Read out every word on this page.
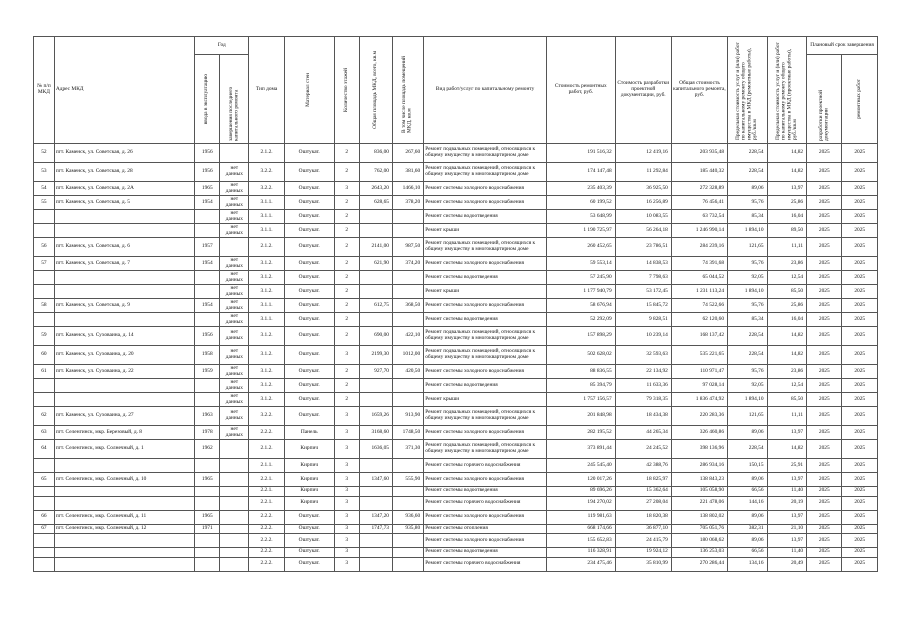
№ п/п МКД	Адрес МКД	Год		Тип дома	Материал стен	Количество этажей	Общая площадь МКД, всего, кв.м	В том числе площадь помещений МКД, кв.м	Вид работ/услуг по капитальному ремонту	Стоимость ремонтных работ, руб.	Стоимость разработки проектной документации, руб.	Общая стоимость капитального ремонта, руб.	Предельная стоимость услуг и (или) работ по капитальному ремонту общего имущества в МКД (ремонтные работы), руб./кв.м	Предельная стоимость услуг и (или) работ по капитальному ремонту общего имущества в МКД (проектные работы), руб./кв.м	Плановый срок завершения	

		ввода в эксплуатацию	завершения последнего капитального ремонта												разработки проектной документации	ремонтных работ

52	пгт. Каменск, ул. Советская, д. 26	1956		2.1.2.	Оштукат.	2	836,00	267,60	Ремонт подвальных помещений, относящихся к общему имуществу в многоквартирном доме	191 516,32	12 419,16	203 935,48	228,54	14,82	2025	2025
53	пгт. Каменск, ул. Советская, д. 28	1956	нет данных	3.2.2.	Оштукат.	2	762,00	381,60	Ремонт подвальных помещений, относящихся к общему имуществу в многоквартирном доме	174 147,48	11 292,84	185 440,32	228,54	14,82	2025	2025
54	пгт. Каменск, ул. Советская, д. 2А	1965	нет данных	3.2.2.	Оштукат.	3	2643,20	1466,10	Ремонт системы холодного водоснабжения	235 403,39	36 925,50	272 328,89	89,06	13,97	2025	2025
55	пгт. Каменск, ул. Советская, д. 5	1954	нет данных	3.1.1.	Оштукат.	2	628,65	378,20	Ремонт системы холодного водоснабжения	60 199,52	16 256,89	76 456,41	95,76	25,86	2025	2025
			нет данных	3.1.1.	Оштукат.	2			Ремонт системы водоотведения	53 648,99	10 083,55	63 732,54	85,34	16,04	2025	2025
			нет данных	3.1.1.	Оштукат.	2			Ремонт крыши	1 190 725,97	56 264,18	1 246 990,14	1 894,10	89,50	2025	2025
56	пгт. Каменск, ул. Советская, д. 6	1957		2.1.2.	Оштукат.	2	2141,00	987,50	Ремонт подвальных помещений, относящихся к общему имуществу в многоквартирном доме	260 452,65	23 786,51	284 239,16	121,65	11,11	2025	2025
57	пгт. Каменск, ул. Советская, д. 7	1954	нет данных	3.1.2.	Оштукат.	2	621,90	374,20	Ремонт системы холодного водоснабжения	59 553,14	14 838,53	74 391,68	95,76	23,86	2025	2025
			нет данных	3.1.2.	Оштукат.	2			Ремонт системы водоотведения	57 245,90	7 798,63	65 044,52	92,05	12,54	2025	2025
			нет данных	3.1.2.	Оштукат.	2			Ремонт крыши	1 177 940,79	53 172,45	1 231 113,24	1 894,10	85,50	2025	2025
58	пгт. Каменск, ул. Советская, д. 9	1954	нет данных	3.1.1.	Оштукат.	2	612,75	368,50	Ремонт системы холодного водоснабжения	58 676,94	15 845,72	74 522,66	95,76	25,86	2025	2025
			нет данных	3.1.1.	Оштукат.	2			Ремонт системы водоотведения	52 292,09	9 828,51	62 120,60	85,34	16,04	2025	2025
59	пгт. Каменск, ул. Суховаина, д. 14	1956	нет данных	3.1.2.	Оштукат.	2	690,00	422,10	Ремонт подвальных помещений, относящихся к общему имуществу в многоквартирном доме	157 898,29	10 239,14	168 137,42	228,54	14,82	2025	2025
60	пгт. Каменск, ул. Суховаина, д. 20	1958	нет данных	3.1.2.	Оштукат.	3	2199,30	1012,00	Ремонт подвальных помещений, относящихся к общему имуществу в многоквартирном доме	502 628,02	32 593,63	535 221,65	228,54	14,82	2025	2025
61	пгт. Каменск, ул. Суховаина, д. 22	1959	нет данных	3.1.2.	Оштукат.	2	927,70	420,50	Ремонт системы холодного водоснабжения	88 836,55	22 134,92	110 971,47	95,76	23,86	2025	2025
			нет данных	3.1.2.	Оштукат.	2			Ремонт системы водоотведения	85 394,79	11 633,36	97 028,14	92,05	12,54	2025	2025
			нет данных	3.1.2.	Оштукат.	2			Ремонт крыши	1 757 156,57	79 318,35	1 836 474,92	1 894,10	85,50	2025	2025
62	пгт. Каменск, ул. Суховаина, д. 27	1963	нет данных	3.2.2.	Оштукат.	3	1659,26	913,90	Ремонт подвальных помещений, относящихся к общему имуществу в многоквартирном доме	201 848,98	18 434,38	220 283,36	121,65	11,11	2025	2025
63	пгт. Селенгинск, мкр. Березовый, д. 8	1978	нет данных	2.2.2.	Панель	3	3168,60	1748,50	Ремонт системы холодного водоснабжения	282 195,52	44 265,34	326 460,86	89,06	13,97	2025	2025
64	пгт. Селенгинск, мкр. Солнечный, д. 1	1962		2.1.2.	Кирпич	3	1636,05	371,30	Ремонт подвальных помещений, относящихся к общему имуществу в многоквартирном доме	373 891,44	24 245,52	398 136,96	228,54	14,82	2025	2025
				2.1.1.	Кирпич	3			Ремонт системы горячего водоснабжения	245 545,40	42 388,76	286 934,16	150,15	25,91	2025	2025
65	пгт. Селенгинск, мкр. Солнечный, д. 10	1965		2.2.1.	Кирпич	3	1347,60	555,90	Ремонт системы холодного водоснабжения	120 017,26	18 825,97	138 843,23	89,06	13,97	2025	2025
				2.2.1.	Кирпич	3			Ремонт системы водоотведения	89 696,26	15 362,64	105 058,90	66,56	11,40	2025	2025
				2.2.1.	Кирпич	3			Ремонт системы горячего водоснабжения	194 270,02	27 208,04	221 478,06	144,16	20,19	2025	2025
66	пгт. Селенгинск, мкр. Солнечный, д. 11	1965		2.2.2.	Оштукат.	3	1347,20	936,60	Ремонт системы холодного водоснабжения	119 981,63	18 820,38	138 802,02	89,06	13,97	2025	2025
67	пгт. Селенгинск, мкр. Солнечный, д. 12	1971		2.2.2.	Оштукат.	3	1747,73	935,80	Ремонт системы отопления	668 174,66	36 877,10	705 051,76	382,31	21,10	2025	2025
				2.2.2.	Оштукат.	3			Ремонт системы холодного водоснабжения	155 652,83	24 415,79	180 068,62	89,06	13,97	2025	2025
				2.2.2.	Оштукат.	3			Ремонт системы водоотведения	116 328,91	19 924,12	136 253,03	66,56	11,40	2025	2025
				2.2.2.	Оштукат.	3			Ремонт системы горячего водоснабжения	234 475,46	35 810,99	270 286,44	134,16	20,49	2025	2025
